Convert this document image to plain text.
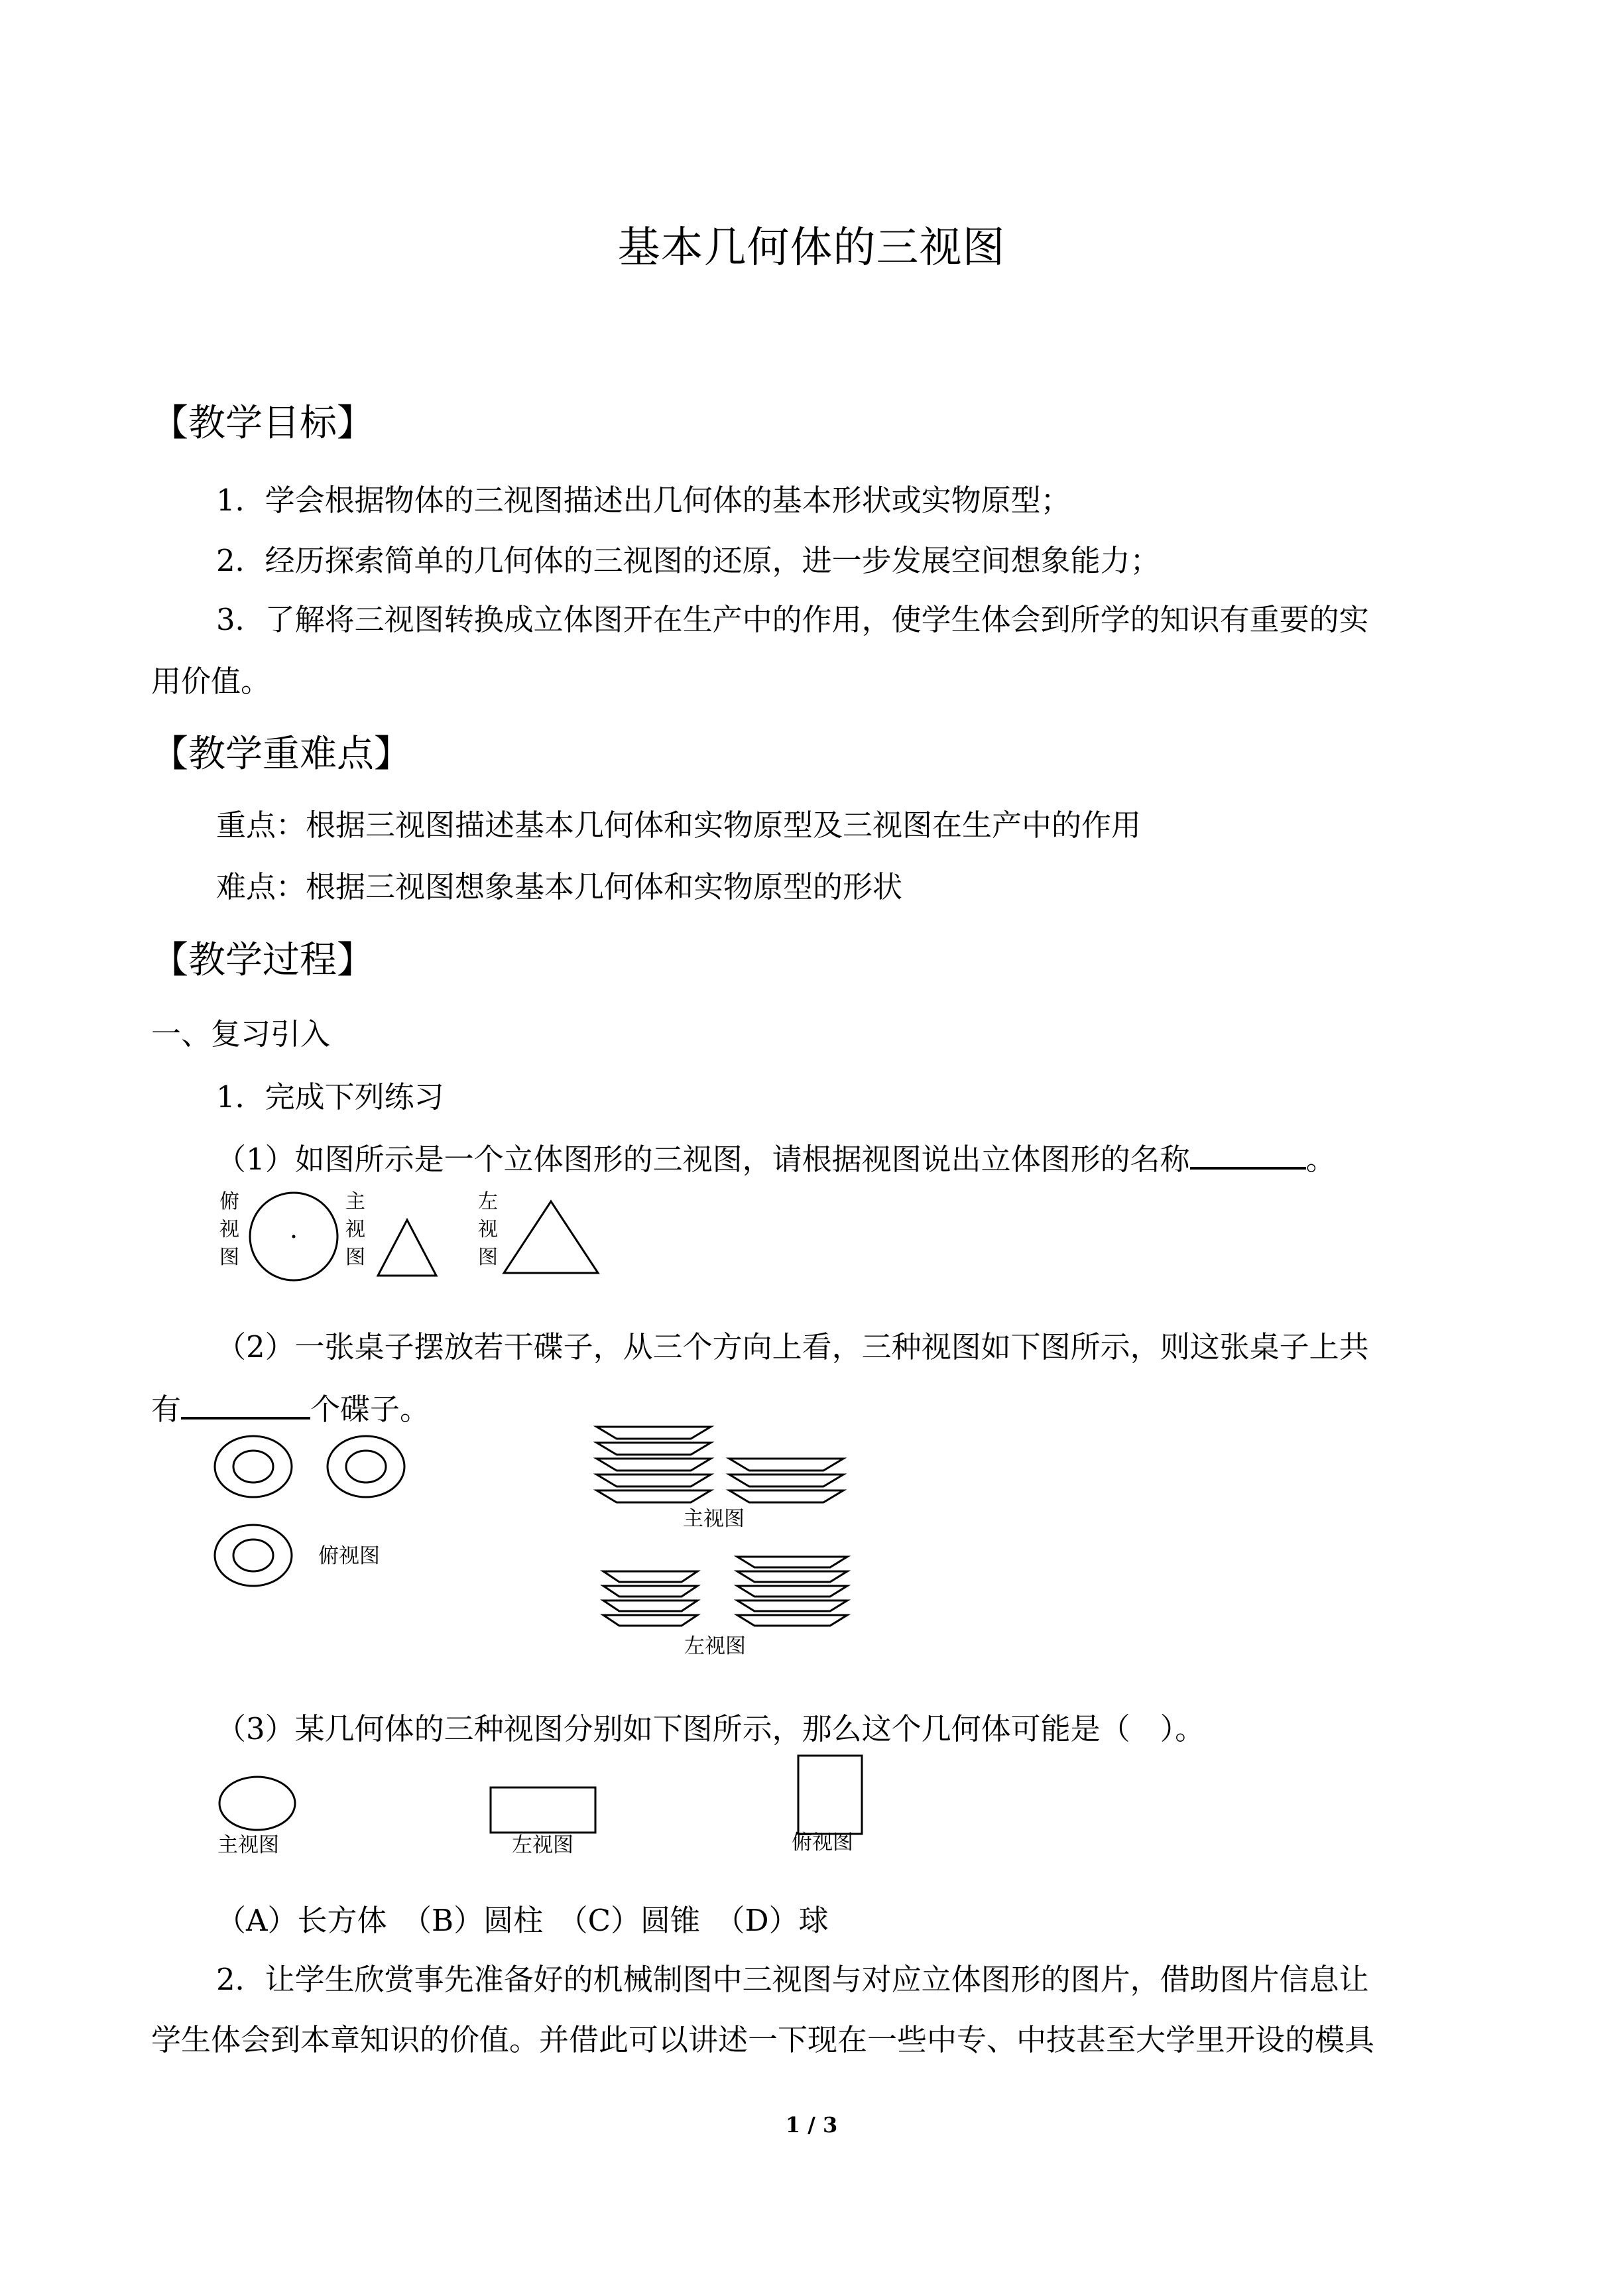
基本几何体的三视图
【教学目标】
1．学会根据物体的三视图描述出几何体的基本形状或实物原型；
2．经历探索简单的几何体的三视图的还原，进一步发展空间想象能力；
3．了解将三视图转换成立体图开在生产中的作用，使学生体会到所学的知识有重要的实
用价值。
【教学重难点】
重点：根据三视图描述基本几何体和实物原型及三视图在生产中的作用
难点：根据三视图想象基本几何体和实物原型的形状
【教学过程】
一、复习引入
1．完成下列练习
（1）如图所示是一个立体图形的三视图，请根据视图说出立体图形的名称	。
俯视图
主视图
左视图
（2）一张桌子摆放若干碟子，从三个方向上看，三种视图如下图所示，则这张桌子上共
有	个碟子。
俯视图
主视图
左视图
（3）某几何体的三种视图分别如下图所示，那么这个几何体可能是（　）。
主视图	左视图	俯视图
（A）长方体　（B）圆柱　（C）圆锥　（D）球
2．让学生欣赏事先准备好的机械制图中三视图与对应立体图形的图片，借助图片信息让
学生体会到本章知识的价值。并借此可以讲述一下现在一些中专、中技甚至大学里开设的模具
1 / 3
